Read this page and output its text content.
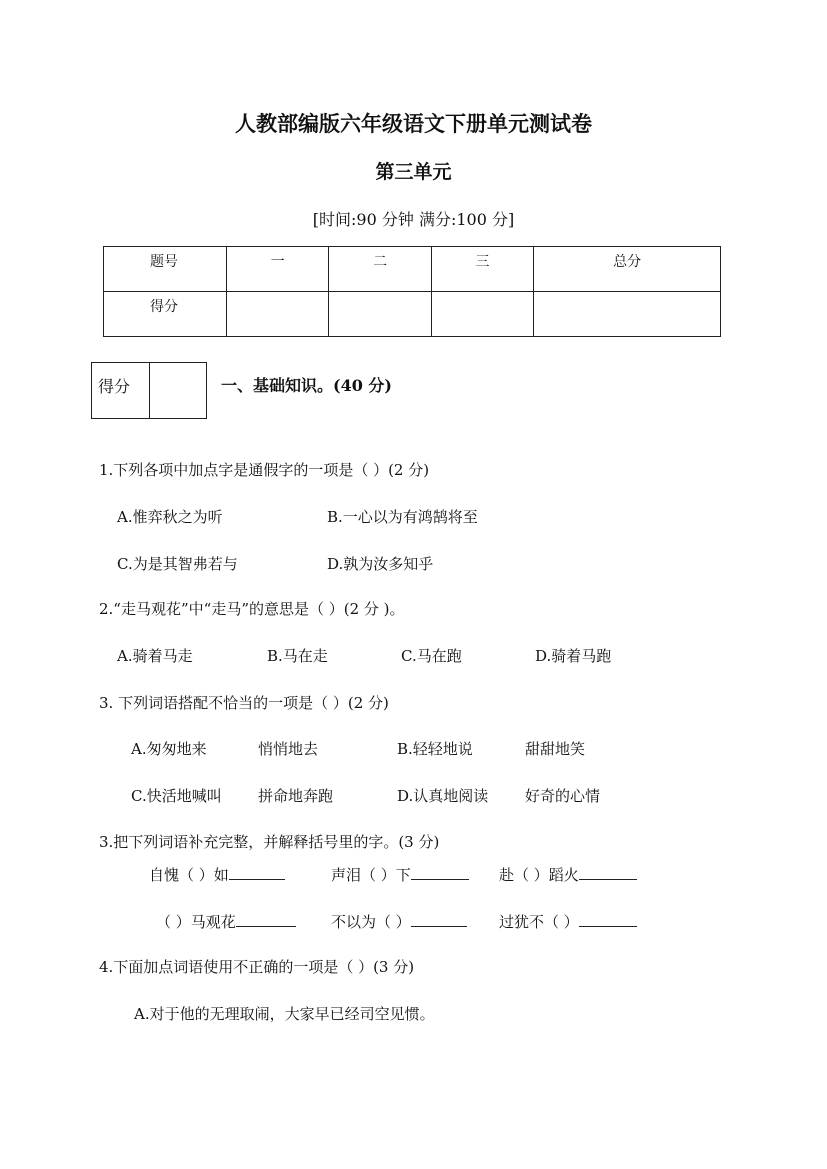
人教部编版六年级语文下册单元测试卷
第三单元
[时间:90 分钟 满分:100 分]
题号	一	二	三	总分
得分				
得分	一、基础知识。(40 分)
1.下列各项中加点字是通假字的一项是（ ）(2 分)
A.惟弈秋之为听	B.一心以为有鸿鹄将至
C.为是其智弗若与	D.孰为汝多知乎
2.“走马观花”中“走马”的意思是（ ）(2 分 )。
A.骑着马走	B.马在走	C.马在跑	D.骑着马跑
3. 下列词语搭配不恰当的一项是（ ）(2 分)
A.匆匆地来	悄悄地去	B.轻轻地说	甜甜地笑
C.快活地喊叫 拼命地奔跑	D.认真地阅读 好奇的心情
3.把下列词语补充完整，并解释括号里的字。(3 分)
自愧（ ）如	声泪（ ）下	赴（ ）蹈火
（ ）马观花	不以为（ ）	过犹不（ ）
4.下面加点词语使用不正确的一项是（ ）(3 分)
A.对于他的无理取闹，大家早已经司空见惯。
